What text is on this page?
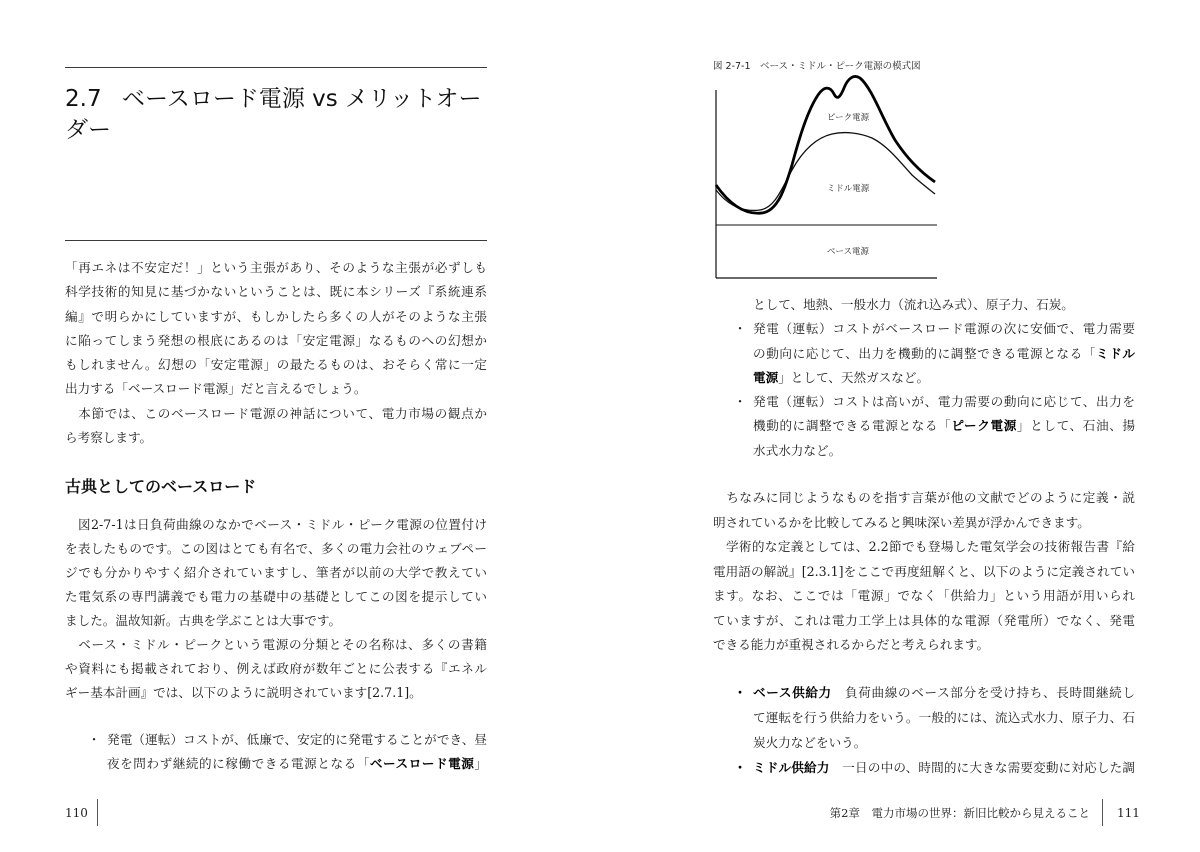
2.7 ベースロード電源 vs メリットオー
ダー
「再エネは不安定だ！」という主張があり、そのような主張が必ずしも
科学技術的知見に基づかないということは、既に本シリーズ『系統連系
編』で明らかにしていますが、もしかしたら多くの人がそのような主張
に陥ってしまう発想の根底にあるのは「安定電源」なるものへの幻想か
もしれません。幻想の「安定電源」の最たるものは、おそらく常に一定
出力する「ベースロード電源」だと言えるでしょう。
　本節では、このベースロード電源の神話について、電力市場の観点か
ら考察します。
古典としてのベースロード
　図2-7-1は日負荷曲線のなかでベース・ミドル・ピーク電源の位置付け
を表したものです。この図はとても有名で、多くの電力会社のウェブペー
ジでも分かりやすく紹介されていますし、筆者が以前の大学で教えてい
た電気系の専門講義でも電力の基礎中の基礎としてこの図を提示してい
ました。温故知新。古典を学ぶことは大事です。
　ベース・ミドル・ピークという電源の分類とその名称は、多くの書籍
や資料にも掲載されており、例えば政府が数年ごとに公表する『エネル
ギー基本計画』では、以下のように説明されています[2.7.1]。
・ 発電（運転）コストが、低廉で、安定的に発電することができ、昼
夜を問わず継続的に稼働できる電源となる「ベースロード電源」
110
図 2-7-1　ベース・ミドル・ピーク電源の模式図
ピーク電源
ミドル電源
ベース電源
として、地熱、一般水力（流れ込み式）、原子力、石炭。
・ 発電（運転）コストがベースロード電源の次に安価で、電力需要
の動向に応じて、出力を機動的に調整できる電源となる「ミドル
電源」として、天然ガスなど。
・ 発電（運転）コストは高いが、電力需要の動向に応じて、出力を
機動的に調整できる電源となる「ピーク電源」として、石油、揚
水式水力など。
　ちなみに同じようなものを指す言葉が他の文献でどのように定義・説
明されているかを比較してみると興味深い差異が浮かんできます。
　学術的な定義としては、2.2節でも登場した電気学会の技術報告書『給
電用語の解説』[2.3.1]をここで再度紐解くと、以下のように定義されてい
ます。なお、ここでは「電源」でなく「供給力」という用語が用いられ
ていますが、これは電力工学上は具体的な電源（発電所）でなく、発電
できる能力が重視されるからだと考えられます。
・ ベース供給力　負荷曲線のベース部分を受け持ち、長時間継続し
て運転を行う供給力をいう。一般的には、流込式水力、原子力、石
炭火力などをいう。
・ ミドル供給力　一日の中の、時間的に大きな需要変動に対応した調
第2章　電力市場の世界：新旧比較から見えること 111
